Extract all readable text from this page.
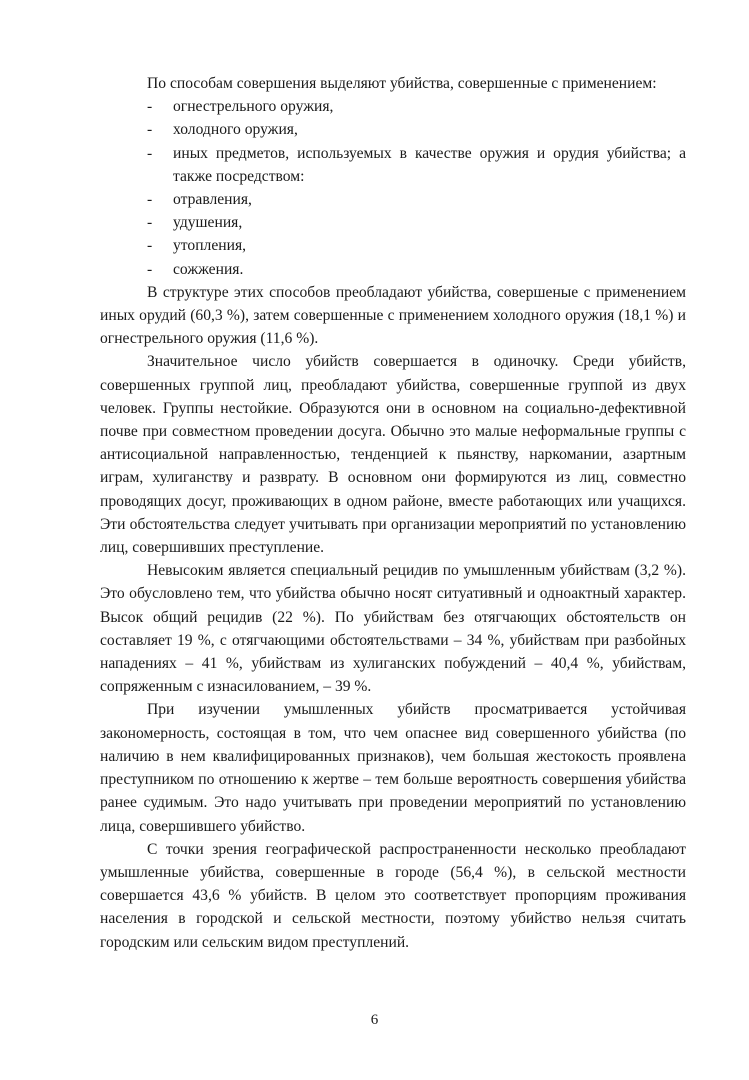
По способам совершения выделяют убийства, совершенные с применением:

-	огнестрельного оружия,
-	холодного оружия,
-	иных предметов, используемых в качестве оружия и орудия убийства; а также посредством:
-	отравления,
-	удушения,
-	утопления,
-	сожжения.

В структуре этих способов преобладают убийства, совершеные с применением иных орудий (60,3 %), затем совершенные с применением холодного оружия (18,1 %) и огнестрельного оружия (11,6 %).

Значительное число убийств совершается в одиночку. Среди убийств, совершенных группой лиц, преобладают убийства, совершенные группой из двух человек. Группы нестойкие. Образуются они в основном на социально-дефективной почве при совместном проведении досуга. Обычно это малые неформальные группы с антисоциальной направленностью, тенденцией к пьянству, наркомании, азартным играм, хулиганству и разврату. В основном они формируются из лиц, совместно проводящих досуг, проживающих в одном районе, вместе работающих или учащихся. Эти обстоятельства следует учитывать при организации мероприятий по установлению лиц, совершивших преступление.

Невысоким является специальный рецидив по умышленным убийствам (3,2 %). Это обусловлено тем, что убийства обычно носят ситуативный и одноактный характер. Высок общий рецидив (22 %). По убийствам без отягчающих обстоятельств он составляет 19 %, с отягчающими обстоятельствами – 34 %, убийствам при разбойных нападениях – 41 %, убийствам из хулиганских побуждений – 40,4 %, убийствам, сопряженным с изнасилованием, – 39 %.

При изучении умышленных убийств просматривается устойчивая закономерность, состоящая в том, что чем опаснее вид совершенного убийства (по наличию в нем квалифицированных признаков), чем большая жестокость проявлена преступником по отношению к жертве – тем больше вероятность совершения убийства ранее судимым. Это надо учитывать при проведении мероприятий по установлению лица, совершившего убийство.

С точки зрения географической распространенности несколько преобладают умышленные убийства, совершенные в городе (56,4 %), в сельской местности совершается 43,6 % убийств. В целом это соответствует пропорциям проживания населения в городской и сельской местности, поэтому убийство нельзя считать городским или сельским видом преступлений.

6
